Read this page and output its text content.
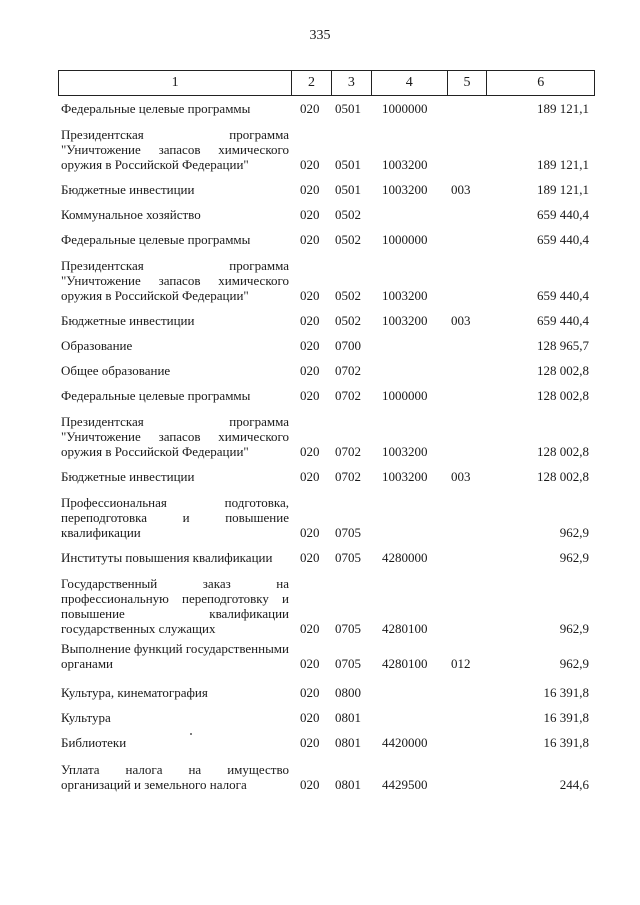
335
1	2	3	4	5	6
Федеральные целевые программы	020 0501 1000000	189 121,1
Президентская программа "Уничтожение запасов химического оружия в Российской Федерации"	020 0501 1003200	189 121,1
Бюджетные инвестиции	020 0501 1003200 003	189 121,1
Коммунальное хозяйство	020 0502	659 440,4
Федеральные целевые программы	020 0502 1000000	659 440,4
Президентская программа "Уничтожение запасов химического оружия в Российской Федерации"	020 0502 1003200	659 440,4
Бюджетные инвестиции	020 0502 1003200 003	659 440,4
Образование	020 0700	128 965,7
Общее образование	020 0702	128 002,8
Федеральные целевые программы	020 0702 1000000	128 002,8
Президентская программа "Уничтожение запасов химического оружия в Российской Федерации"	020 0702 1003200	128 002,8
Бюджетные инвестиции	020 0702 1003200 003	128 002,8
Профессиональная подготовка, переподготовка и повышение квалификации	020 0705	962,9
Институты повышения квалификации	020 0705 4280000	962,9
Государственный заказ на профессиональную переподготовку и повышение квалификации государственных служащих	020 0705 4280100	962,9
Выполнение функций государственными органами	020 0705 4280100 012	962,9
Культура, кинематография	020 0800	16 391,8
Культура	020 0801	16 391,8
Библиотеки	020 0801 4420000	16 391,8
Уплата налога на имущество организаций и земельного налога	020 0801 4429500	244,6
